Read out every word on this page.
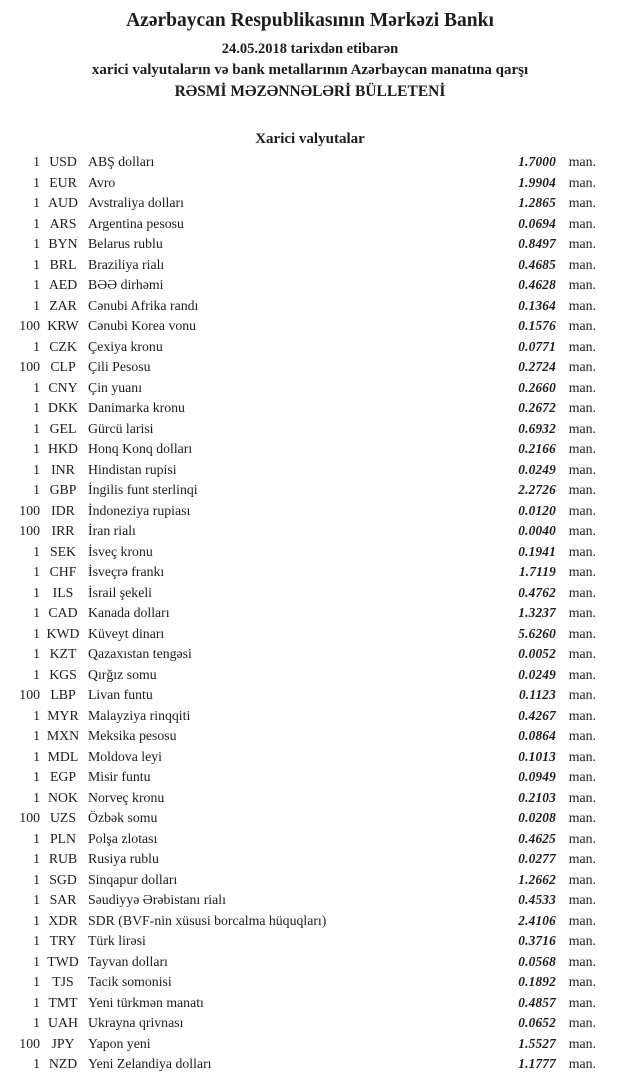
Azərbaycan Respublikasının Mərkəzi Bankı

24.05.2018 tarixdən etibarən

xarici valyutaların və bank metallarının Azərbaycan manatına qarşı

RƏSMİ MƏZƏNNƏLƏRİ BÜLLETENİ

Xarici valyutalar
1 USD ABŞ dolları	1.7000 man.
1 EUR Avro	1.9904 man.
1 AUD Avstraliya dolları	1.2865 man.
1 ARS Argentina pesosu	0.0694 man.
1 BYN Belarus rublu	0.8497 man.
1 BRL Braziliya rialı	0.4685 man.
1 AED BƏƏ dirhəmi	0.4628 man.
1 ZAR Cənubi Afrika randı	0.1364 man.
100 KRW Cənubi Korea vonu	0.1576 man.
1 CZK Çexiya kronu	0.0771 man.
100 CLP Çili Pesosu	0.2724 man.
1 CNY Çin yuanı	0.2660 man.
1 DKK Danimarka kronu	0.2672 man.
1 GEL Gürcü larisi	0.6932 man.
1 HKD Honq Konq dolları	0.2166 man.
1 INR Hindistan rupisi	0.0249 man.
1 GBP İngilis funt sterlinqi	2.2726 man.
100 IDR İndoneziya rupiası	0.0120 man.
100 IRR İran rialı	0.0040 man.
1 SEK İsveç kronu	0.1941 man.
1 CHF İsveçrə frankı	1.7119 man.
1 ILS	İsrail şekeli	0.4762 man.
1 CAD Kanada dolları	1.3237 man.
1 KWD Küveyt dinarı	5.6260 man.
1 KZT Qazaxıstan tengəsi	0.0052 man.
1 KGS Qırğız somu	0.0249 man.
100 LBP Livan funtu	0.1123 man.
1 MYR Malayziya rinqqiti	0.4267 man.
1 MXN Meksika pesosu	0.0864 man.
1 MDL Moldova leyi	0.1013 man.
1 EGP Misir funtu	0.0949 man.
1 NOK Norveç kronu	0.2103 man.
100 UZS Özbək somu	0.0208 man.
1 PLN Polşa zlotası	0.4625 man.
1 RUB Rusiya rublu	0.0277 man.
1 SGD Sinqapur dolları	1.2662 man.
1 SAR Səudiyyə Ərəbistanı rialı	0.4533 man.
1 XDR SDR (BVF-nin xüsusi borcalma hüquqları)	2.4106 man.
1 TRY Türk lirəsi	0.3716 man.
1 TWD Tayvan dolları	0.0568 man.
1 TJS	Tacik somonisi	0.1892 man.
1 TMT Yeni türkmən manatı	0.4857 man.
1 UAH Ukrayna qrivnası	0.0652 man.
100 JPY Yapon yeni	1.5527 man.
1 NZD Yeni Zelandiya dolları	1.1777 man.
